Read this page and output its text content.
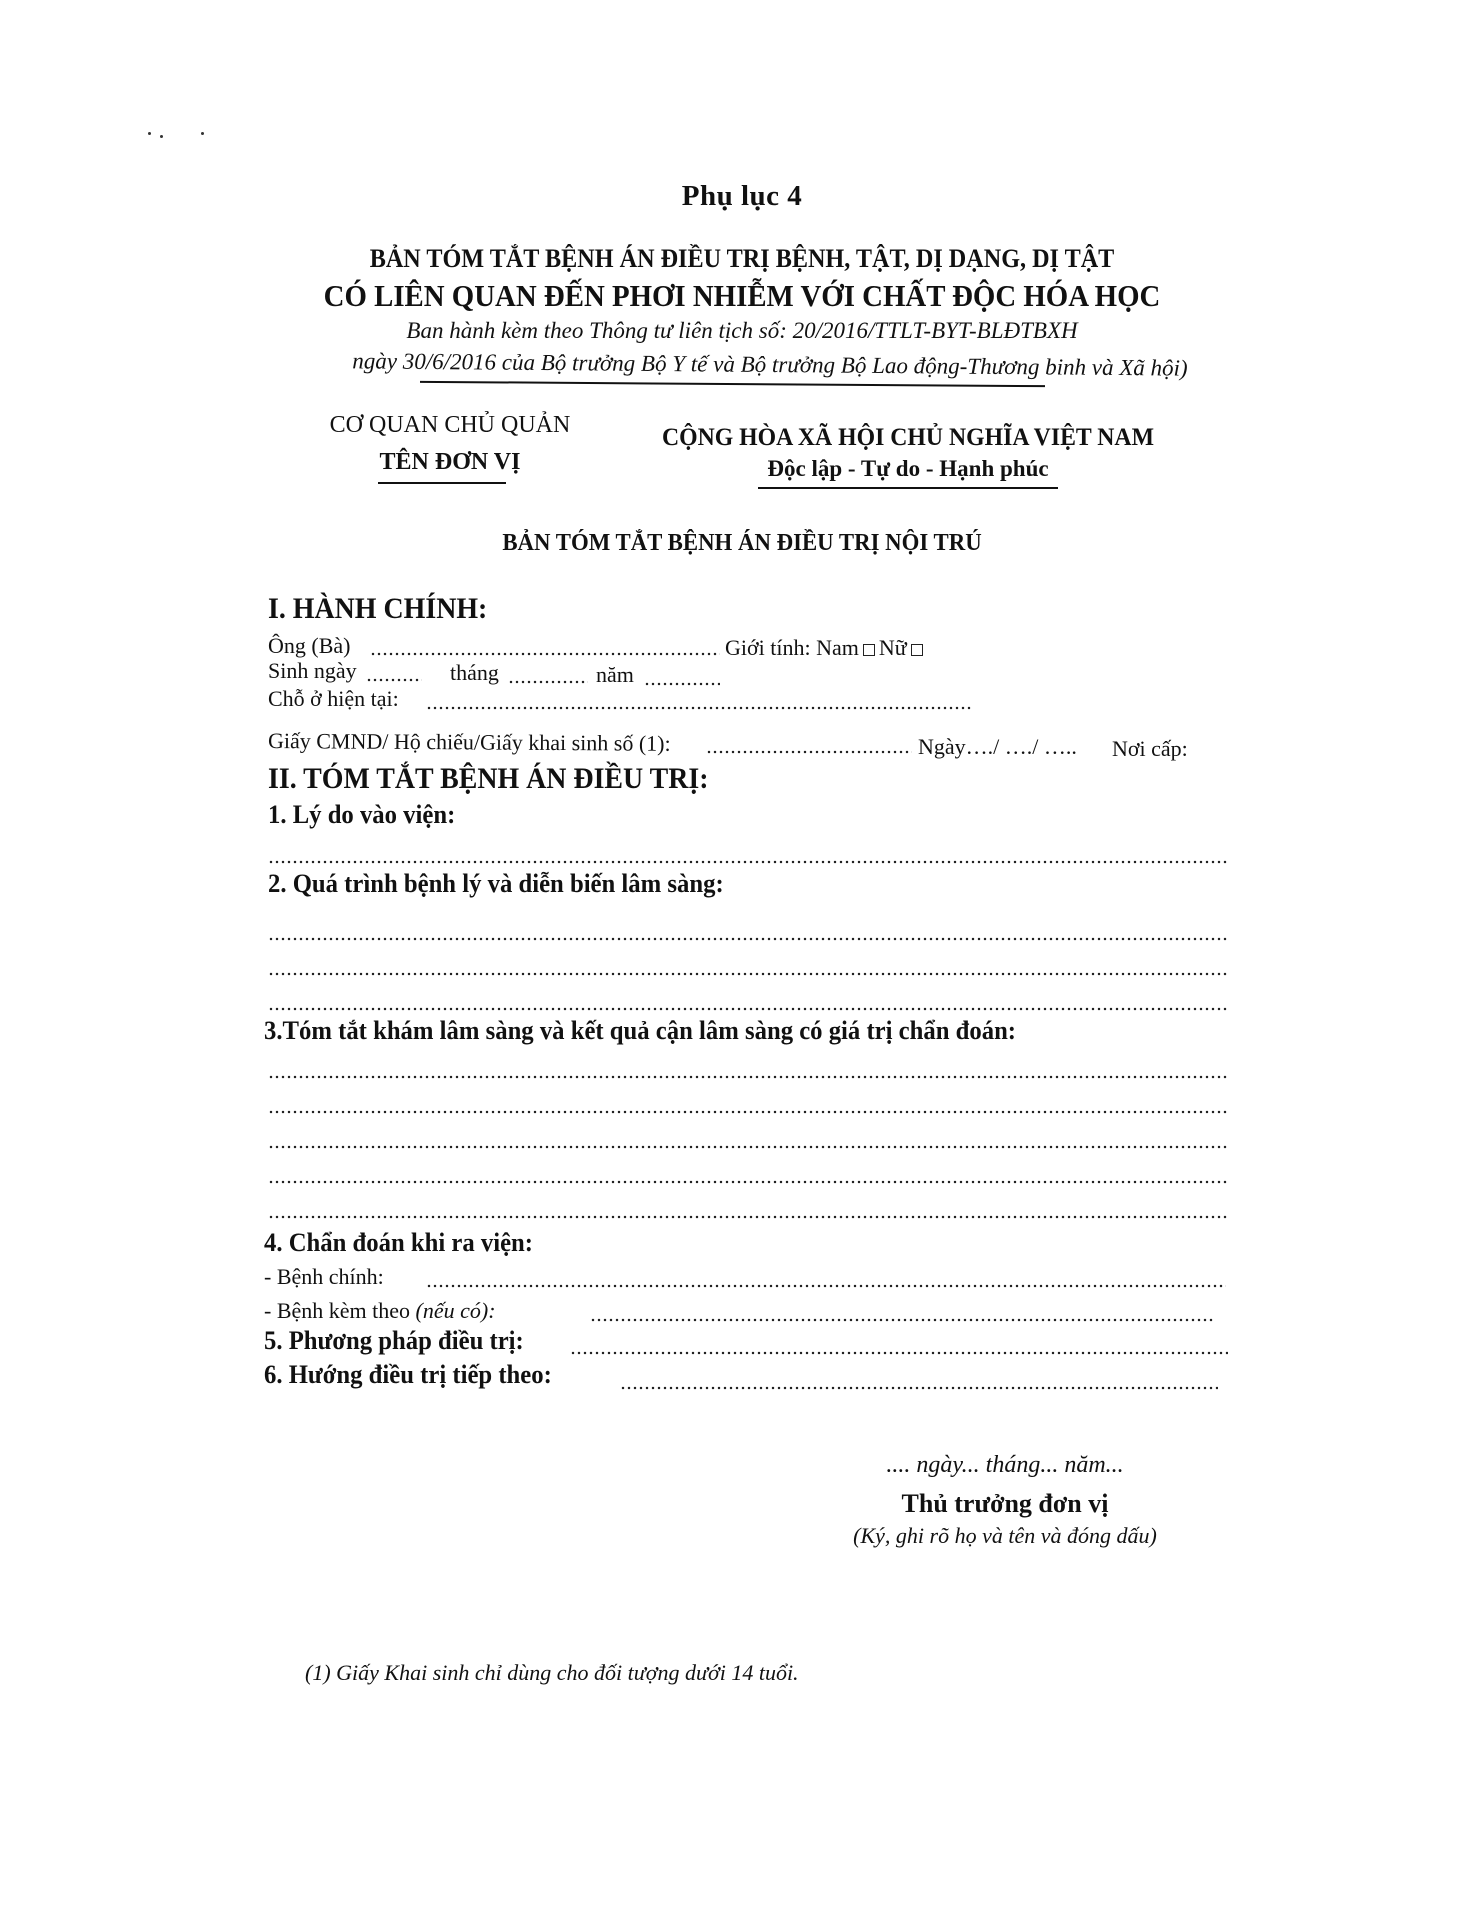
Phụ lục 4
BẢN TÓM TẮT BỆNH ÁN ĐIỀU TRỊ BỆNH, TẬT, DỊ DẠNG, DỊ TẬT
CÓ LIÊN QUAN ĐẾN PHƠI NHIỄM VỚI CHẤT ĐỘC HÓA HỌC
Ban hành kèm theo Thông tư liên tịch số: 20/2016/TTLT-BYT-BLĐTBXH
ngày 30/6/2016 của Bộ trưởng Bộ Y tế và Bộ trưởng Bộ Lao động-Thương binh và Xã hội)
CƠ QUAN CHỦ QUẢN
TÊN ĐƠN VỊ
CỘNG HÒA XÃ HỘI CHỦ NGHĨA VIỆT NAM
Độc lập - Tự do - Hạnh phúc
BẢN TÓM TẮT BỆNH ÁN ĐIỀU TRỊ NỘI TRÚ
I. HÀNH CHÍNH:
Ông (Bà)	Giới tính: Nam Nữ
Sinh ngày	tháng	năm
Chỗ ở hiện tại:
Giấy CMND/ Hộ chiếu/Giấy khai sinh số (1):	Ngày…./ …./ ….. Nơi cấp:
II. TÓM TẮT BỆNH ÁN ĐIỀU TRỊ:
1. Lý do vào viện:
2. Quá trình bệnh lý và diễn biến lâm sàng:
3.Tóm tắt khám lâm sàng và kết quả cận lâm sàng có giá trị chẩn đoán:
4. Chẩn đoán khi ra viện:
- Bệnh chính:
- Bệnh kèm theo (nếu có):
5. Phương pháp điều trị:
6. Hướng điều trị tiếp theo:
.... ngày... tháng... năm...
Thủ trưởng đơn vị
(Ký, ghi rõ họ và tên và đóng dấu)
(1) Giấy Khai sinh chỉ dùng cho đối tượng dưới 14 tuổi.
